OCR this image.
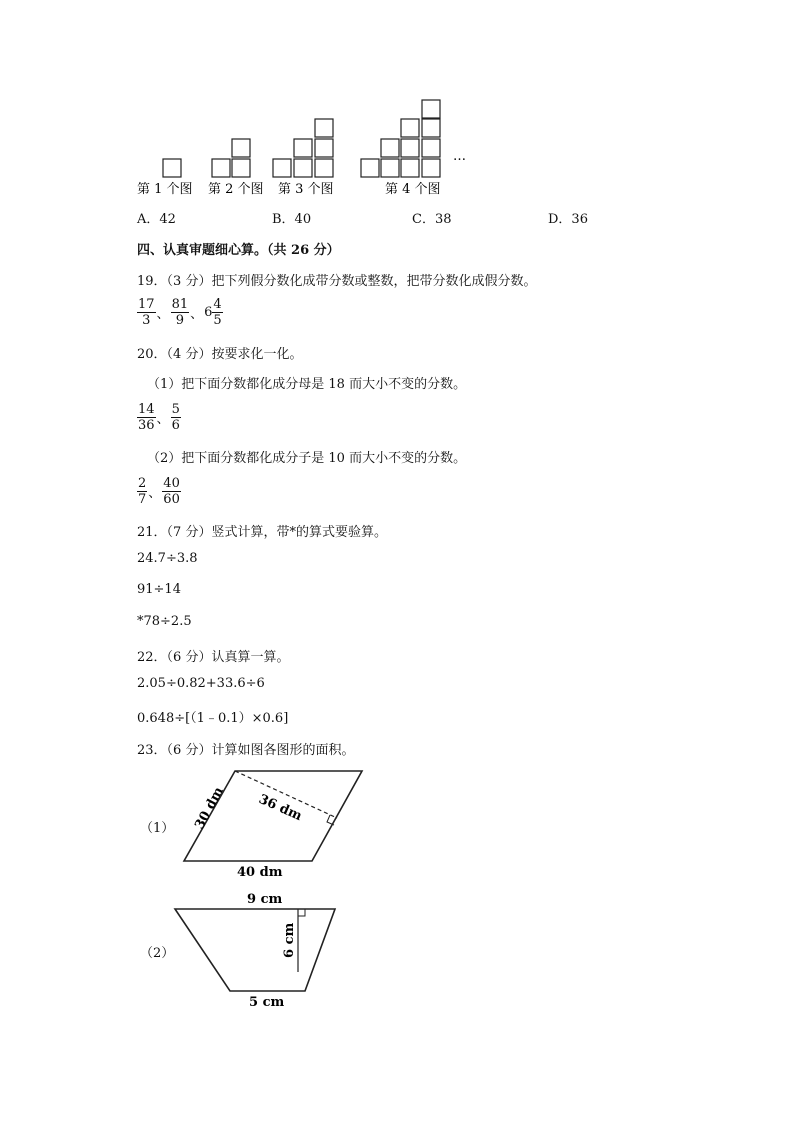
第 1 个图 第 2 个图 第 3 个图	第 4 个图
…
A．42	B．40	C．38	D．36
四、认真审题细心算。（共 26 分）
19．（3 分）把下列假分数化成带分数或整数，把带分数化成假分数。
$\frac{17}{3}$ 、 $\frac{81}{9}$ 、 $6 \frac{4}{5}$
20．（4 分）按要求化一化。
（1）把下面分数都化成分母是 18 而大小不变的分数。
$\frac{14}{36}$ 、 $\frac{5}{6}$
（2）把下面分数都化成分子是 10 而大小不变的分数。
$\frac{2}{7}$ 、 $\frac{40}{60}$
21．（7 分）竖式计算，带*的算式要验算。
24.7÷3.8
91÷14
*78÷2.5
22．（6 分）认真算一算。
2.05÷0.82+33.6÷6
0.648÷[（1﹣0.1）×0.6]
23．（6 分）计算如图各图形的面积。
（1） 30 dm 36 dm
40 dm
（2）
9 cm
6 cm
5 cm
